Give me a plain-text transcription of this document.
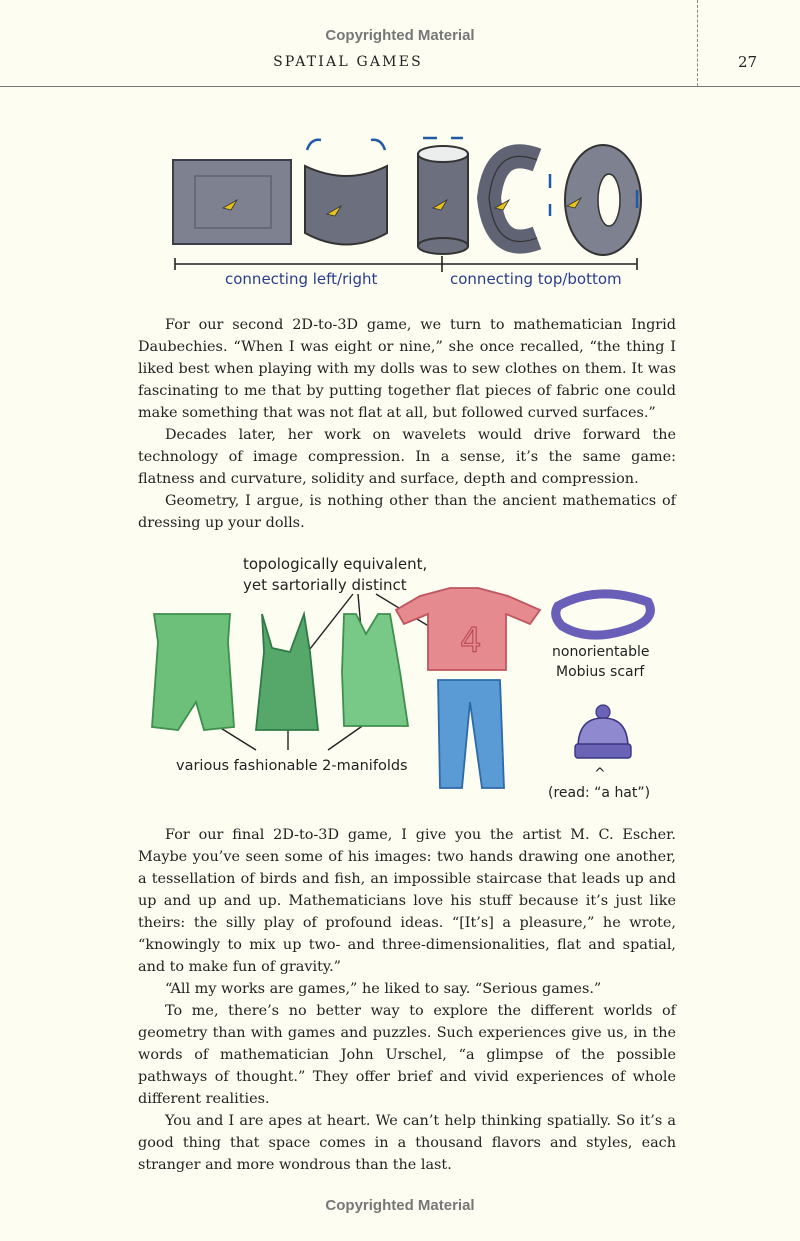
Copyrighted Material
SPATIAL GAMES	27
connecting left/right	connecting top/bottom

For our second 2D-to-3D game, we turn to mathematician Ingrid Daubechies. “When I was eight or nine,” she once recalled, “the thing I liked best when playing with my dolls was to sew clothes on them. It was fascinating to me that by putting together flat pieces of fabric one could make something that was not flat at all, but followed curved surfaces.”

Decades later, her work on wavelets would drive forward the technology of image compression. In a sense, it’s the same game: flatness and curvature, solidity and surface, depth and compression.

Geometry, I argue, is nothing other than the ancient mathematics of dressing up your dolls.

topologically equivalent,
yet sartorially distinct
4	nonorientable
Mobius scarf
^
(read: “a hat”)
various fashionable 2-manifolds

For our final 2D-to-3D game, I give you the artist M. C. Escher. Maybe you’ve seen some of his images: two hands drawing one another, a tessellation of birds and fish, an impossible staircase that leads up and up and up and up. Mathematicians love his stuff because it’s just like theirs: the silly play of profound ideas. “[It’s] a pleasure,” he wrote, “knowingly to mix up two- and three-dimensionalities, flat and spatial, and to make fun of gravity.”

“All my works are games,” he liked to say. “Serious games.”

To me, there’s no better way to explore the different worlds of geometry than with games and puzzles. Such experiences give us, in the words of mathematician John Urschel, “a glimpse of the possible pathways of thought.” They offer brief and vivid experiences of whole different realities.

You and I are apes at heart. We can’t help thinking spatially. So it’s a good thing that space comes in a thousand flavors and styles, each stranger and more wondrous than the last.

Copyrighted Material
